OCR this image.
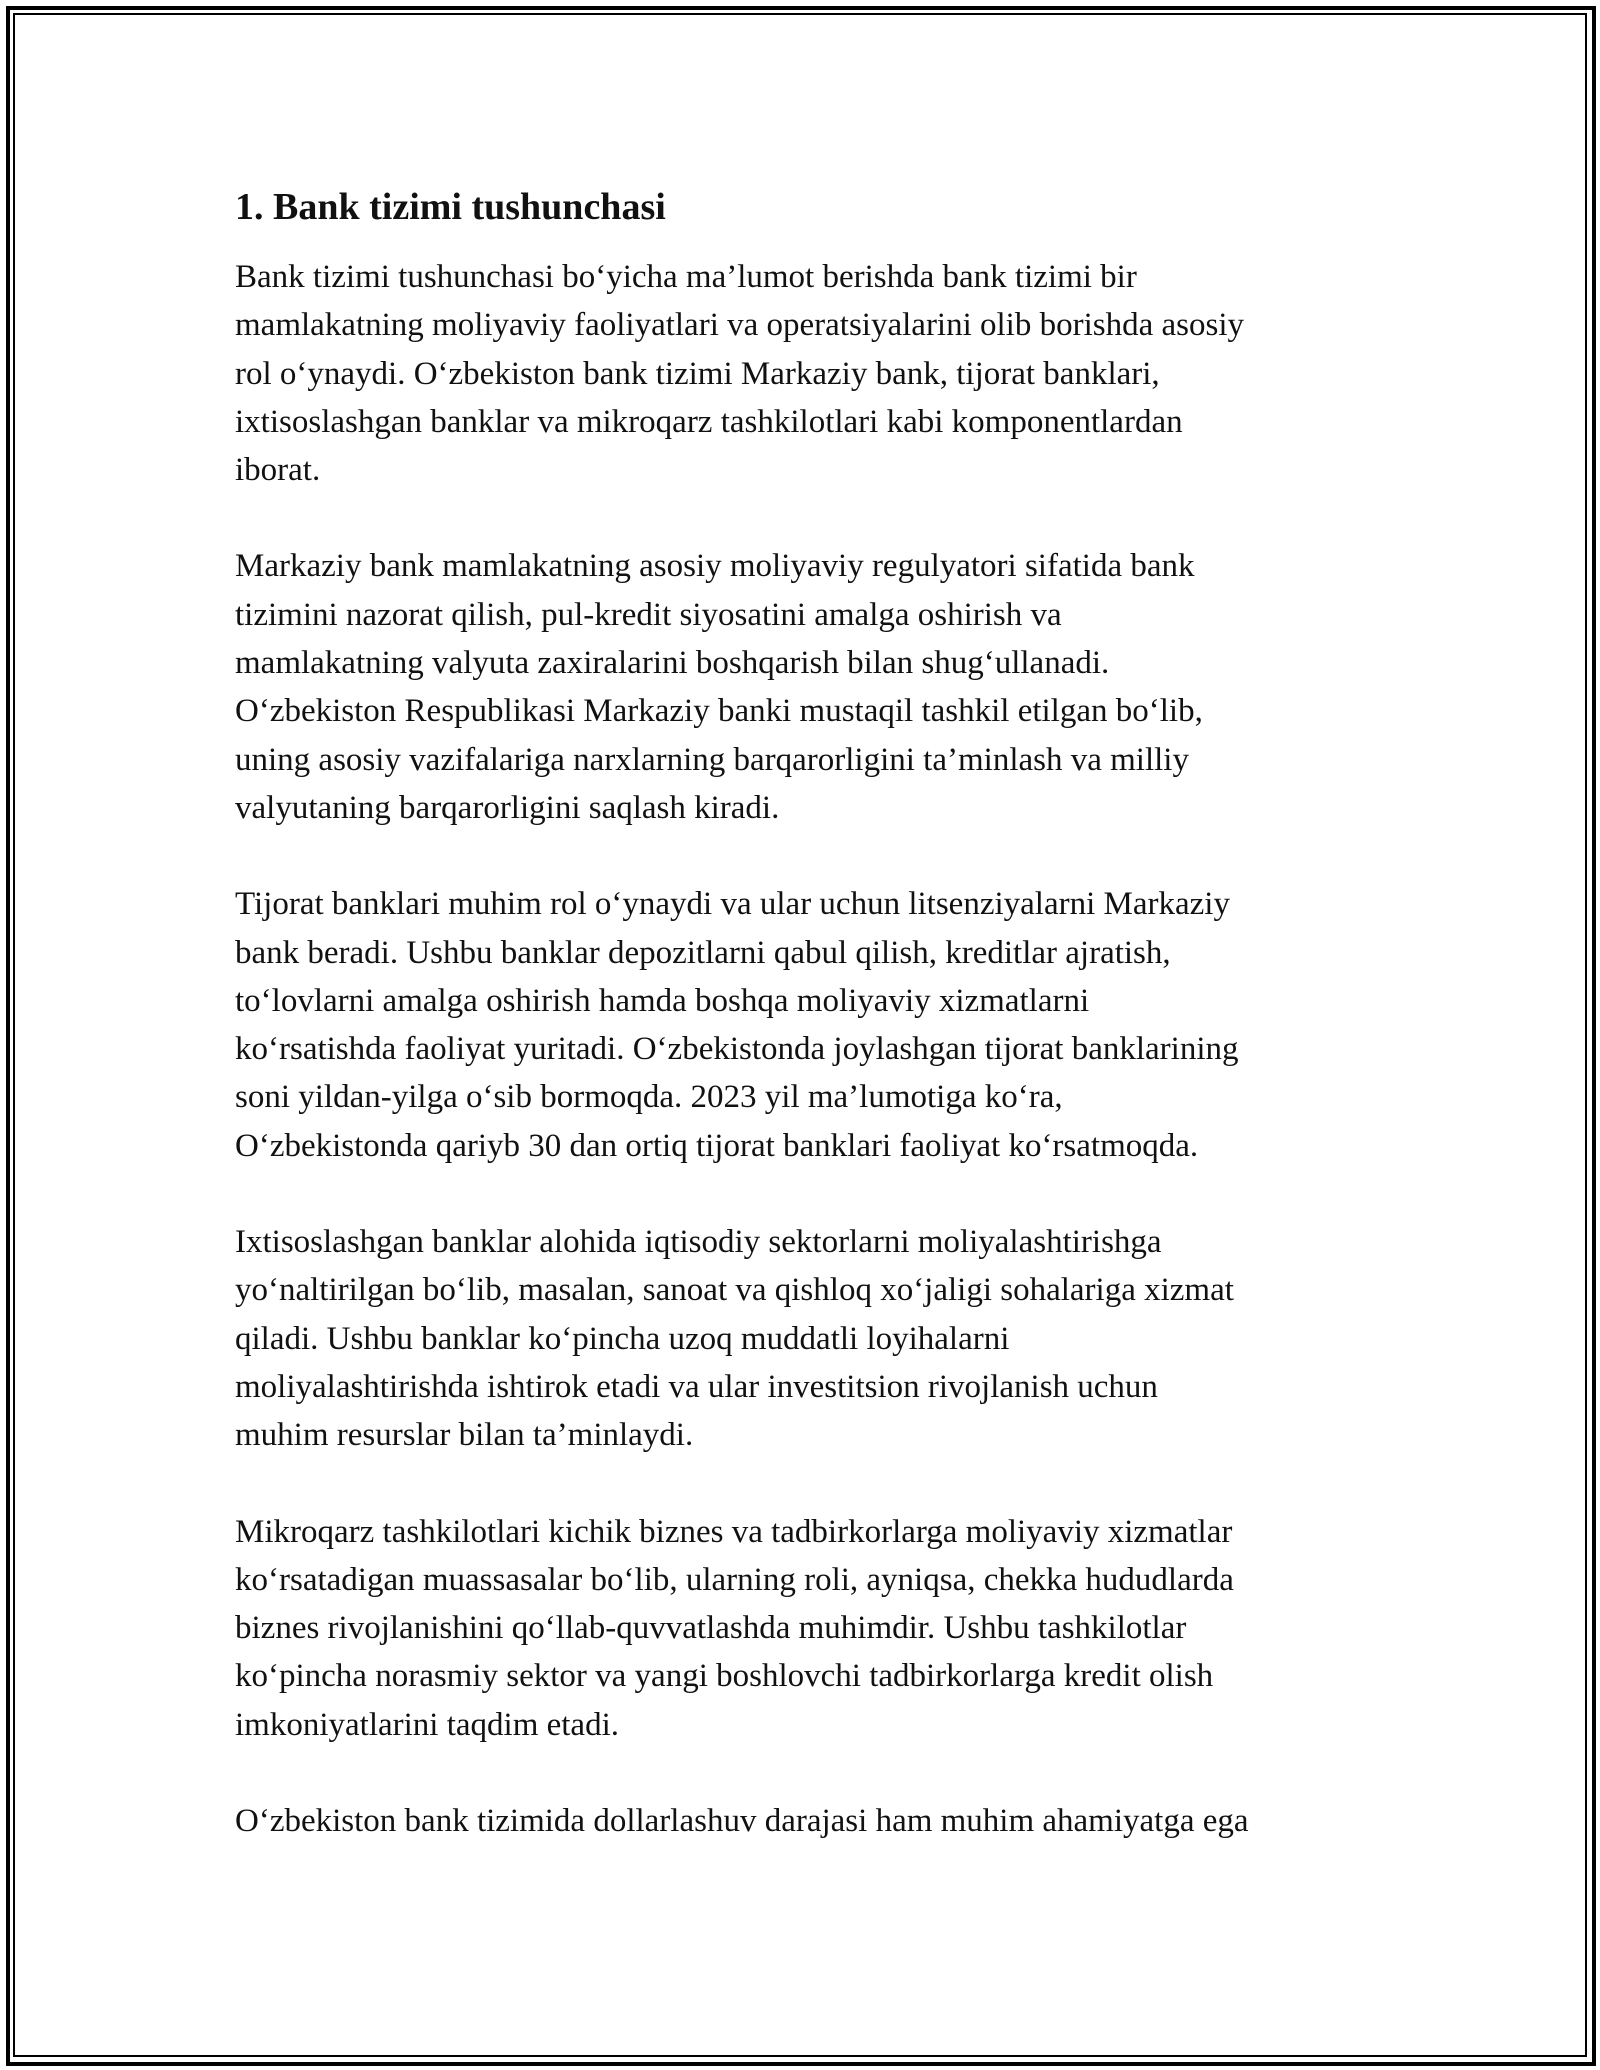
1. Bank tizimi tushunchasi
Bank tizimi tushunchasi bo‘yicha ma’lumot berishda bank tizimi bir
mamlakatning moliyaviy faoliyatlari va operatsiyalarini olib borishda asosiy
rol o‘ynaydi. O‘zbekiston bank tizimi Markaziy bank, tijorat banklari,
ixtisoslashgan banklar va mikroqarz tashkilotlari kabi komponentlardan
iborat.
Markaziy bank mamlakatning asosiy moliyaviy regulyatori sifatida bank
tizimini nazorat qilish, pul-kredit siyosatini amalga oshirish va
mamlakatning valyuta zaxiralarini boshqarish bilan shug‘ullanadi.
O‘zbekiston Respublikasi Markaziy banki mustaqil tashkil etilgan bo‘lib,
uning asosiy vazifalariga narxlarning barqarorligini ta’minlash va milliy
valyutaning barqarorligini saqlash kiradi.
Tijorat banklari muhim rol o‘ynaydi va ular uchun litsenziyalarni Markaziy
bank beradi. Ushbu banklar depozitlarni qabul qilish, kreditlar ajratish,
to‘lovlarni amalga oshirish hamda boshqa moliyaviy xizmatlarni
ko‘rsatishda faoliyat yuritadi. O‘zbekistonda joylashgan tijorat banklarining
soni yildan-yilga o‘sib bormoqda. 2023 yil ma’lumotiga ko‘ra,
O‘zbekistonda qariyb 30 dan ortiq tijorat banklari faoliyat ko‘rsatmoqda.
Ixtisoslashgan banklar alohida iqtisodiy sektorlarni moliyalashtirishga
yo‘naltirilgan bo‘lib, masalan, sanoat va qishloq xo‘jaligi sohalariga xizmat
qiladi. Ushbu banklar ko‘pincha uzoq muddatli loyihalarni
moliyalashtirishda ishtirok etadi va ular investitsion rivojlanish uchun
muhim resurslar bilan ta’minlaydi.
Mikroqarz tashkilotlari kichik biznes va tadbirkorlarga moliyaviy xizmatlar
ko‘rsatadigan muassasalar bo‘lib, ularning roli, ayniqsa, chekka hududlarda
biznes rivojlanishini qo‘llab-quvvatlashda muhimdir. Ushbu tashkilotlar
ko‘pincha norasmiy sektor va yangi boshlovchi tadbirkorlarga kredit olish
imkoniyatlarini taqdim etadi.
O‘zbekiston bank tizimida dollarlashuv darajasi ham muhim ahamiyatga ega
